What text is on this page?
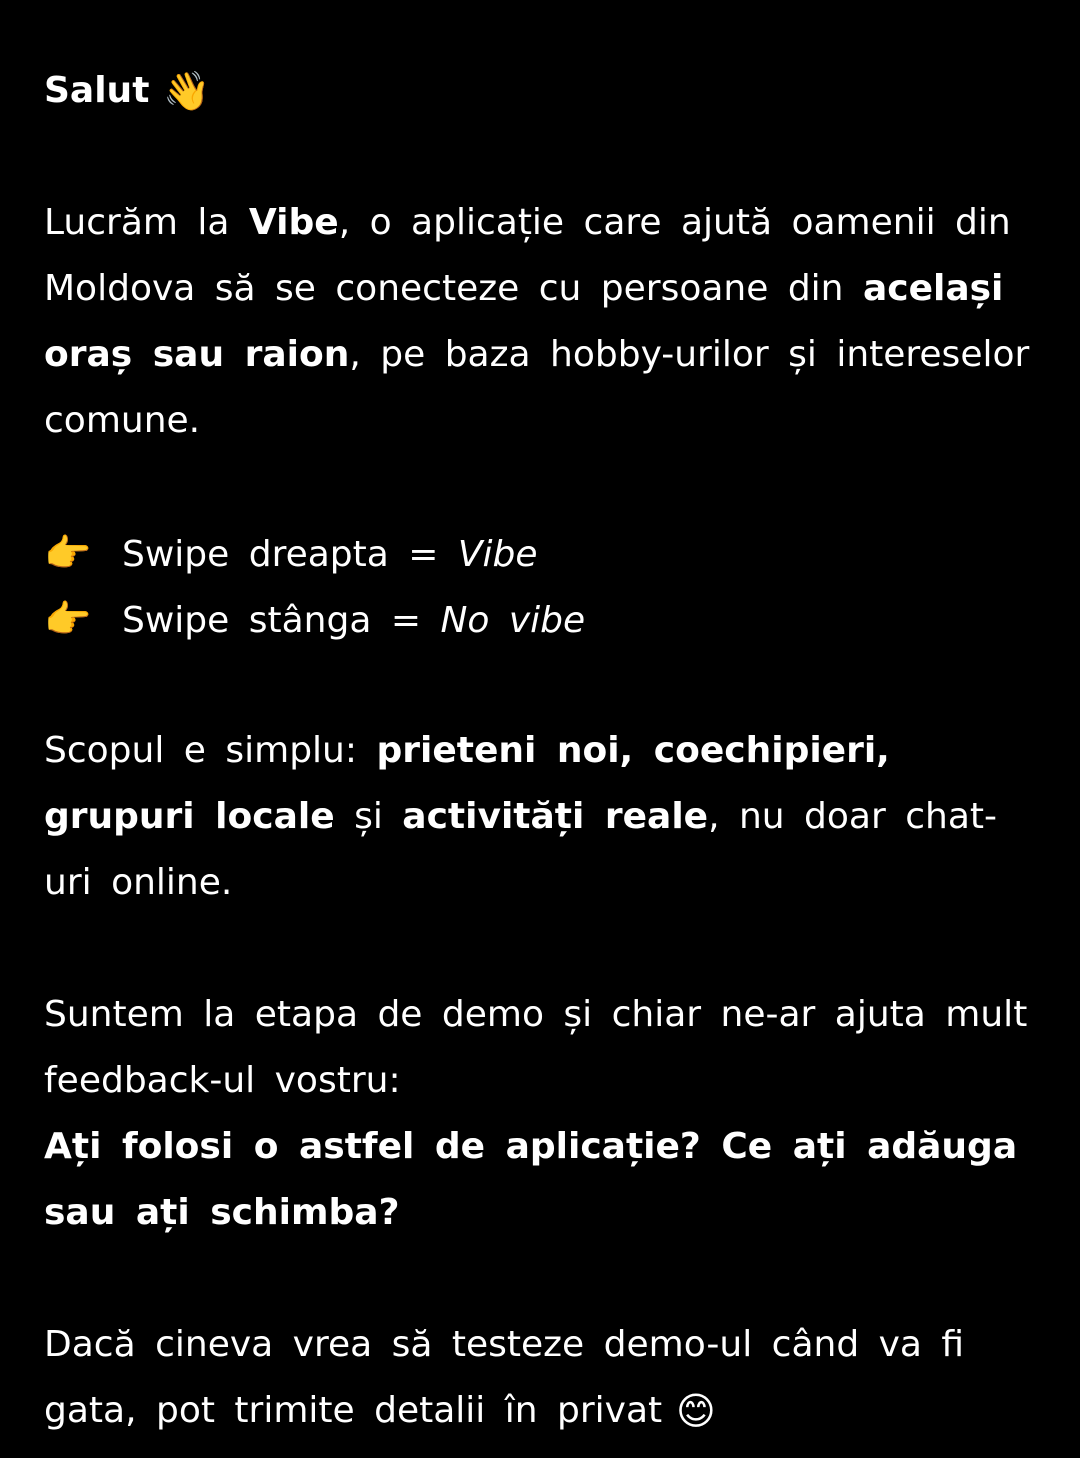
Salut 👋
Lucrăm la Vibe, o aplicație care ajută oamenii din Moldova să se conecteze cu persoane din același oraș sau raion, pe baza hobby-urilor și intereselor comune.
👉 Swipe dreapta = Vibe
👉 Swipe stânga = No vibe
Scopul e simplu: prieteni noi, coechipieri, grupuri locale și activități reale, nu doar chat-uri online.
Suntem la etapa de demo și chiar ne-ar ajuta mult feedback-ul vostru:
Ați folosi o astfel de aplicație? Ce ați adăuga sau ați schimba?
Dacă cineva vrea să testeze demo-ul când va fi gata, pot trimite detalii în privat 😊
